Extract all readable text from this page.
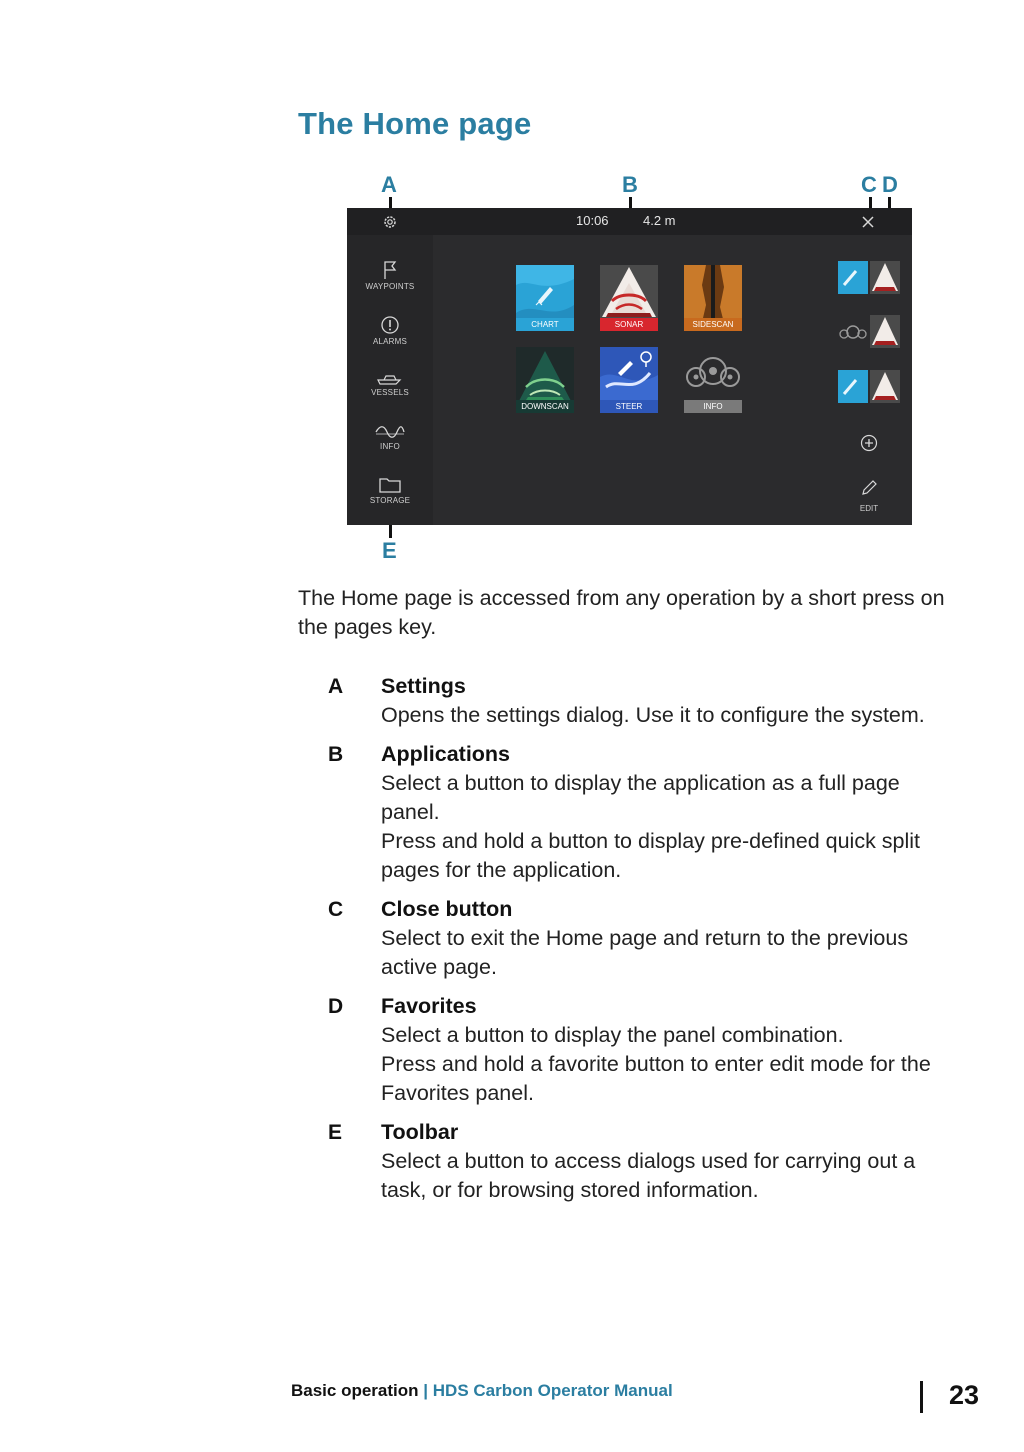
The Home page
A	B	C D
E
10:06	4.2 m
WAYPOINTS
ALARMS
VESSELS
INFO
STORAGE
CHART	SONAR	SIDESCAN
DOWNSCAN	STEER	INFO
EDIT

The Home page is accessed from any operation by a short press on the pages key.

A Settings
Opens the settings dialog. Use it to configure the system.
B Applications
Select a button to display the application as a full page panel.
Press and hold a button to display pre-defined quick split pages for the application.
C Close button
Select to exit the Home page and return to the previous active page.
D Favorites
Select a button to display the panel combination.
Press and hold a favorite button to enter edit mode for the Favorites panel.
E Toolbar
Select a button to access dialogs used for carrying out a task, or for browsing stored information.
Basic operation | HDS Carbon Operator Manual	23
